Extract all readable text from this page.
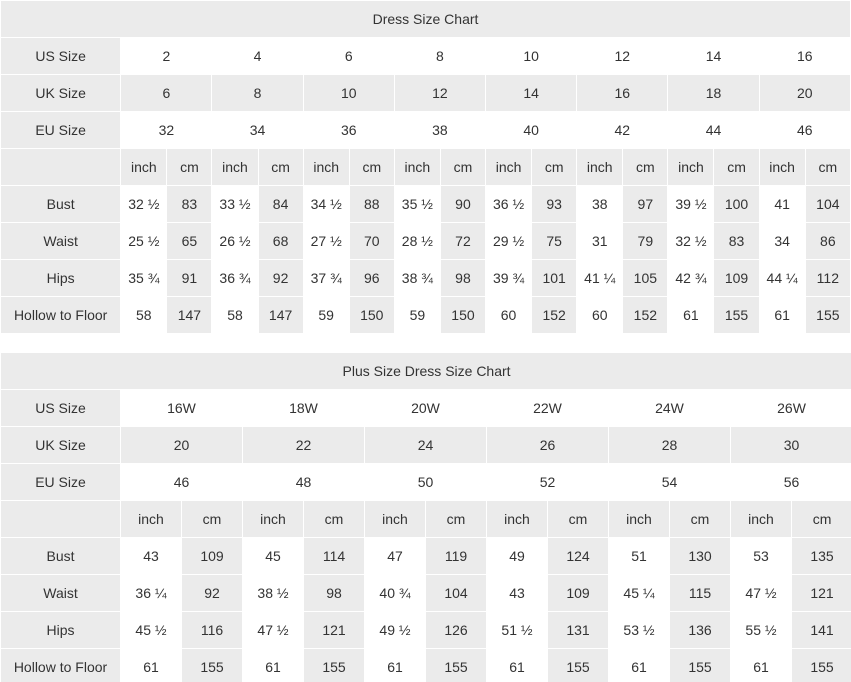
Dress Size Chart																
US Size	2		4		6		8		10		12		14		16	
UK Size	6		8		10		12		14		16		18		20	
EU Size	32		34		36		38		40		42		44		46	
	inch	cm	inch	cm	inch	cm	inch	cm	inch	cm	inch	cm	inch	cm	inch	cm
Bust	32 ½	83	33 ½	84	34 ½	88	35 ½	90	36 ½	93	38	97	39 ½	100	41	104
Waist	25 ½	65	26 ½	68	27 ½	70	28 ½	72	29 ½	75	31	79	32 ½	83	34	86
Hips	35 ¾	91	36 ¾	92	37 ¾	96	38 ¾	98	39 ¾	101	41 ¼	105	42 ¾	109	44 ¼	112
Hollow to Floor	58	147	58	147	59	150	59	150	60	152	60	152	61	155	61	155
Plus Size Dress Size Chart												
US Size	16W		18W		20W		22W		24W		26W	
UK Size	20		22		24		26		28		30	
EU Size	46		48		50		52		54		56	
	inch	cm	inch	cm	inch	cm	inch	cm	inch	cm	inch	cm
Bust	43	109	45	114	47	119	49	124	51	130	53	135
Waist	36 ¼	92	38 ½	98	40 ¾	104	43	109	45 ¼	115	47 ½	121
Hips	45 ½	116	47 ½	121	49 ½	126	51 ½	131	53 ½	136	55 ½	141
Hollow to Floor	61	155	61	155	61	155	61	155	61	155	61	155
